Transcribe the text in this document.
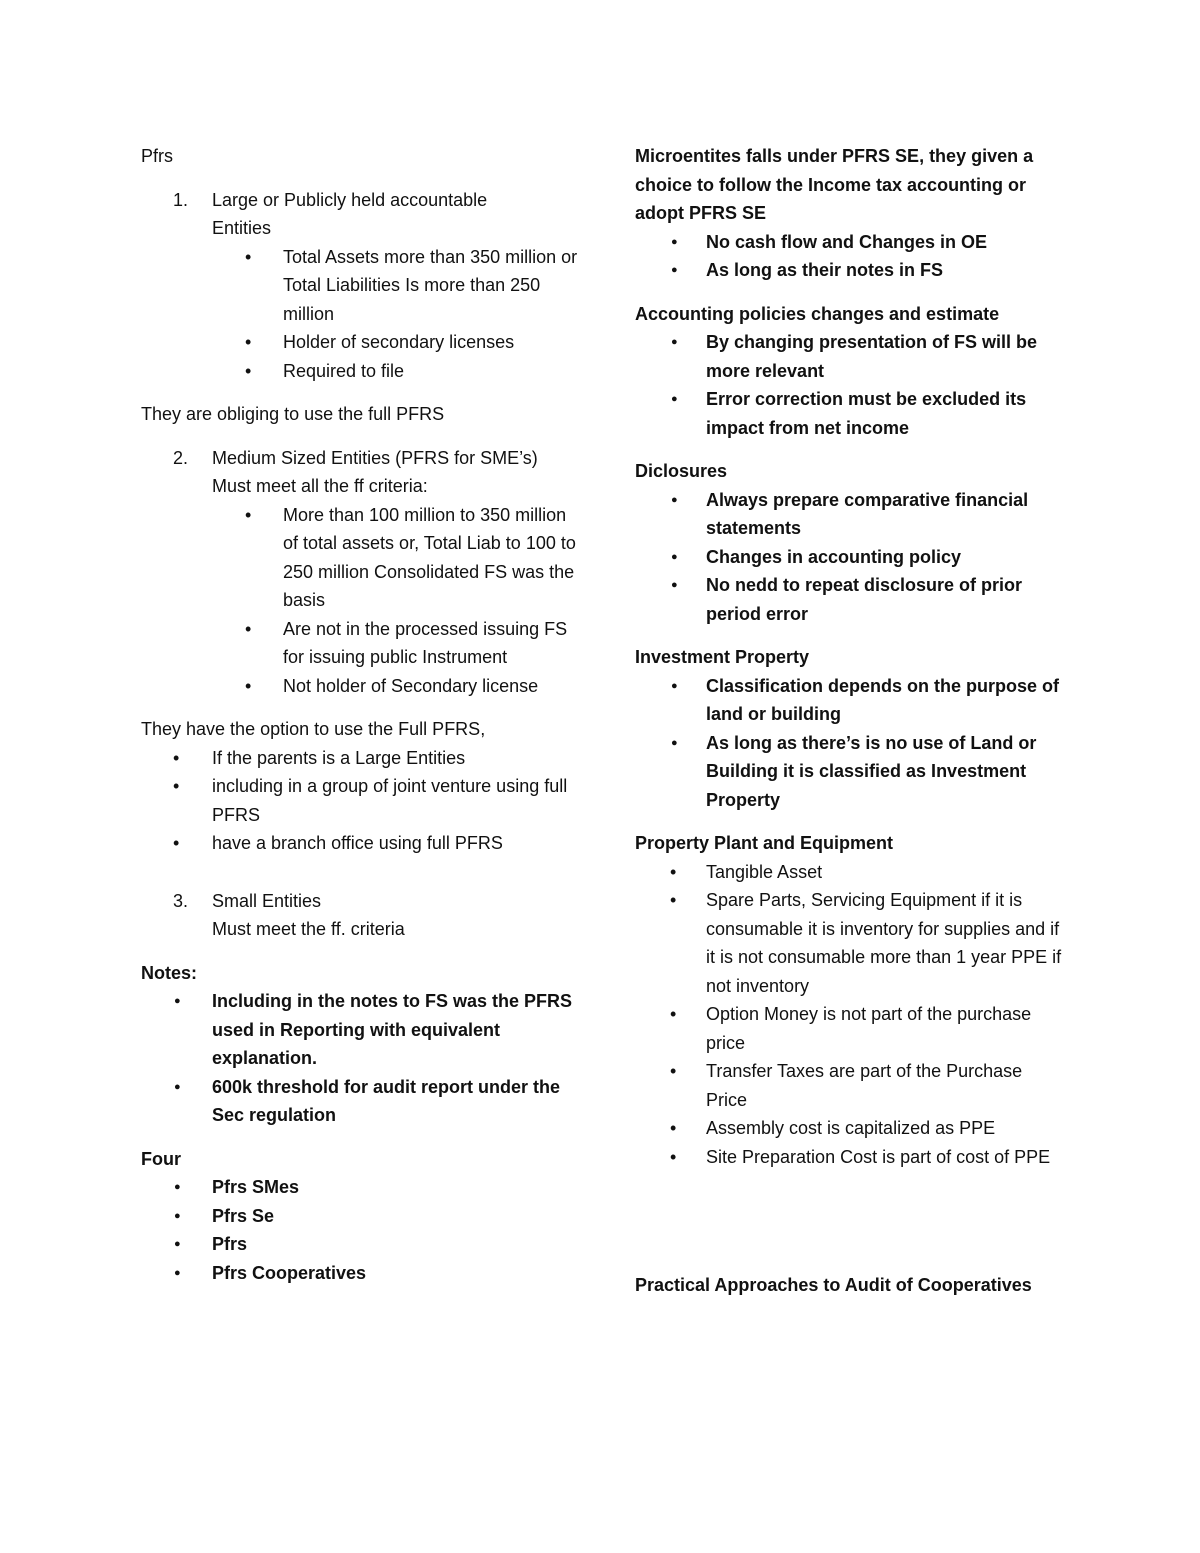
Pfrs

1. Large or Publicly held accountable
Entities
• Total Assets more than 350 million or Total Liabilities Is more than 250 million
• Holder of secondary licenses
• Required to file

They are obliging to use the full PFRS

2. Medium Sized Entities (PFRS for SME’s)
Must meet all the ff criteria:
• More than 100 million to 350 million of total assets or, Total Liab to 100 to 250 million Consolidated FS was the basis
• Are not in the processed issuing FS for issuing public Instrument
• Not holder of Secondary license

They have the option to use the Full PFRS,

• If the parents is a Large Entities
• including in a group of joint venture using full PFRS
• have a branch office using full PFRS
3. Small Entities
Must meet the ff. criteria

Notes:

● Including in the notes to FS was the PFRS used in Reporting with equivalent explanation.
● 600k threshold for audit report under the Sec regulation

Four

● Pfrs SMes
● Pfrs Se
● Pfrs
● Pfrs Cooperatives

Microentites falls under PFRS SE, they given a choice to follow the Income tax accounting or adopt PFRS SE

● No cash flow and Changes in OE
● As long as their notes in FS

Accounting policies changes and estimate

● By changing presentation of FS will be more relevant
● Error correction must be excluded its impact from net income

Diclosures

● Always prepare comparative financial statements
● Changes in accounting policy
● No nedd to repeat disclosure of prior period error

Investment Property

● Classification depends on the purpose of land or building
● As long as there’s is no use of Land or Building it is classified as Investment Property

Property Plant and Equipment

• Tangible Asset
• Spare Parts, Servicing Equipment if it is consumable it is inventory for supplies and if it is not consumable more than 1 year PPE if not inventory
• Option Money is not part of the purchase price
• Transfer Taxes are part of the Purchase Price
• Assembly cost is capitalized as PPE
• Site Preparation Cost is part of cost of PPE

Practical Approaches to Audit of Cooperatives
